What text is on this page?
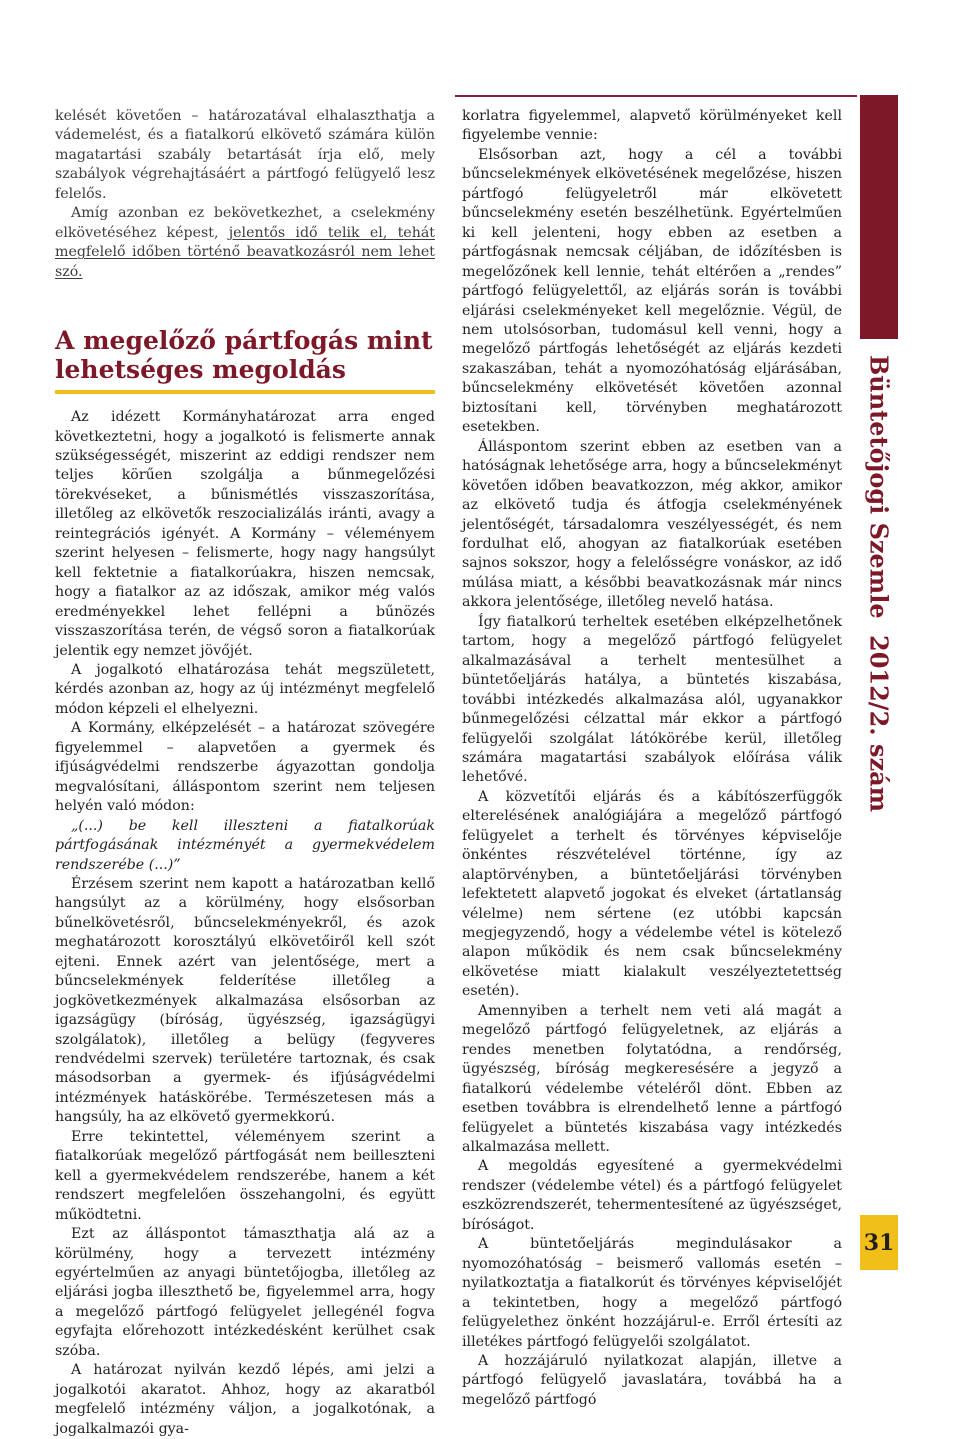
kelését követően – határozatával elhalaszthatja a vádemelést, és a fiatalkorú elkövető számára külön magatartási szabály betartását írja elő, mely szabályok végrehajtásáért a pártfogó felügyelő lesz felelős.

Amíg azonban ez bekövetkezhet, a cselekmény elkövetéséhez képest, jelentős idő telik el, tehát megfelelő időben történő beavatkozásról nem lehet szó.

A megelőző pártfogás mint lehetséges megoldás

Az idézett Kormányhatározat arra enged következtetni, hogy a jogalkotó is felismerte annak szükségességét, miszerint az eddigi rendszer nem teljes körűen szolgálja a bűnmegelőzési törekvéseket, a bűnismétlés visszaszorítása, illetőleg az elkövetők reszocializálás iránti, avagy a reintegrációs igényét. A Kormány – véleményem szerint helyesen – felismerte, hogy nagy hangsúlyt kell fektetnie a fiatalkorúakra, hiszen nemcsak, hogy a fiatalkor az az időszak, amikor még valós eredményekkel lehet fellépni a bűnözés visszaszorítása terén, de végső soron a fiatalkorúak jelentik egy nemzet jövőjét.

A jogalkotó elhatározása tehát megszületett, kérdés azonban az, hogy az új intézményt megfelelő módon képzeli el elhelyezni.

A Kormány, elképzelését – a határozat szövegére figyelemmel – alapvetően a gyermek és ifjúságvédelmi rendszerbe ágyazottan gondolja megvalósítani, álláspontom szerint nem teljesen helyén való módon:

„(...) be kell illeszteni a fiatalkorúak pártfogásának intézményét a gyermekvédelem rendszerébe (...)”

Érzésem szerint nem kapott a határozatban kellő hangsúlyt az a körülmény, hogy elsősorban bűnelkövetésről, bűncselekményekről, és azok meghatározott korosztályú elkövetőiről kell szót ejteni. Ennek azért van jelentősége, mert a bűncselekmények felderítése illetőleg a jogkövetkezmények alkalmazása elsősorban az igazságügy (bíróság, ügyészség, igazságügyi szolgálatok), illetőleg a belügy (fegyveres rendvédelmi szervek) területére tartoznak, és csak másodsorban a gyermek- és ifjúságvédelmi intézmények hatáskörébe. Természetesen más a hangsúly, ha az elkövető gyermekkorú.

Erre tekintettel, véleményem szerint a fiatalkorúak megelőző pártfogását nem beilleszteni kell a gyermekvédelem rendszerébe, hanem a két rendszert megfelelően összehangolni, és együtt működtetni.

Ezt az álláspontot támaszthatja alá az a körülmény, hogy a tervezett intézmény egyértelműen az anyagi büntetőjogba, illetőleg az eljárási jogba illeszthető be, figyelemmel arra, hogy a megelőző pártfogó felügyelet jellegénél fogva egyfajta előrehozott intézkedésként kerülhet csak szóba.

A határozat nyilván kezdő lépés, ami jelzi a jogalkotói akaratot. Ahhoz, hogy az akaratból megfelelő intézmény váljon, a jogalkotónak, a jogalkalmazói gya-

korlatra figyelemmel, alapvető körülményeket kell figyelembe vennie:

Elsősorban azt, hogy a cél a további bűncselekmények elkövetésének megelőzése, hiszen pártfogó felügyeletről már elkövetett bűncselekmény esetén beszélhetünk. Egyértelműen ki kell jelenteni, hogy ebben az esetben a pártfogásnak nemcsak céljában, de időzítésben is megelőzőnek kell lennie, tehát eltérően a „rendes” pártfogó felügyelettől, az eljárás során is további eljárási cselekményeket kell megelőznie. Végül, de nem utolsósorban, tudomásul kell venni, hogy a megelőző pártfogás lehetőségét az eljárás kezdeti szakaszában, tehát a nyomozóhatóság eljárásában, bűncselekmény elkövetését követően azonnal biztosítani kell, törvényben meghatározott esetekben.

Álláspontom szerint ebben az esetben van a hatóságnak lehetősége arra, hogy a bűncselekményt követően időben beavatkozzon, még akkor, amikor az elkövető tudja és átfogja cselekményének jelentőségét, társadalomra veszélyességét, és nem fordulhat elő, ahogyan az fiatalkorúak esetében sajnos sokszor, hogy a felelősségre vonáskor, az idő múlása miatt, a későbbi beavatkozásnak már nincs akkora jelentősége, illetőleg nevelő hatása.

Így fiatalkorú terheltek esetében elképzelhetőnek tartom, hogy a megelőző pártfogó felügyelet alkalmazásával a terhelt mentesülhet a büntetőeljárás hatálya, a büntetés kiszabása, további intézkedés alkalmazása alól, ugyanakkor bűnmegelőzési célzattal már ekkor a pártfogó felügyelői szolgálat látókörébe kerül, illetőleg számára magatartási szabályok előírása válik lehetővé.

A közvetítői eljárás és a kábítószerfüggők elterelésének analógiájára a megelőző pártfogó felügyelet a terhelt és törvényes képviselője önkéntes részvételével történne, így az alaptörvényben, a büntetőeljárási törvényben lefektetett alapvető jogokat és elveket (ártatlanság vélelme) nem sértene (ez utóbbi kapcsán megjegyzendő, hogy a védelembe vétel is kötelező alapon működik és nem csak bűncselekmény elkövetése miatt kialakult veszélyeztetettség esetén).

Amennyiben a terhelt nem veti alá magát a megelőző pártfogó felügyeletnek, az eljárás a rendes menetben folytatódna, a rendőrség, ügyészség, bíróság megkeresésére a jegyző a fiatalkorú védelembe vételéről dönt. Ebben az esetben továbbra is elrendelhető lenne a pártfogó felügyelet a büntetés kiszabása vagy intézkedés alkalmazása mellett.

A megoldás egyesítené a gyermekvédelmi rendszer (védelembe vétel) és a pártfogó felügyelet eszközrendszerét, tehermentesítené az ügyészséget, bíróságot.

A büntetőeljárás megindulásakor a nyomozóhatóság – beismerő vallomás esetén – nyilatkoztatja a fiatalkorút és törvényes képviselőjét a tekintetben, hogy a megelőző pártfogó felügyelethez önként hozzájárul-e. Erről értesíti az illetékes pártfogó felügyelői szolgálatot.

A hozzájáruló nyilatkozat alapján, illetve a pártfogó felügyelő javaslatára, továbbá ha a megelőző pártfogó

Büntetőjogi Szemle
2012/2. szám
31
